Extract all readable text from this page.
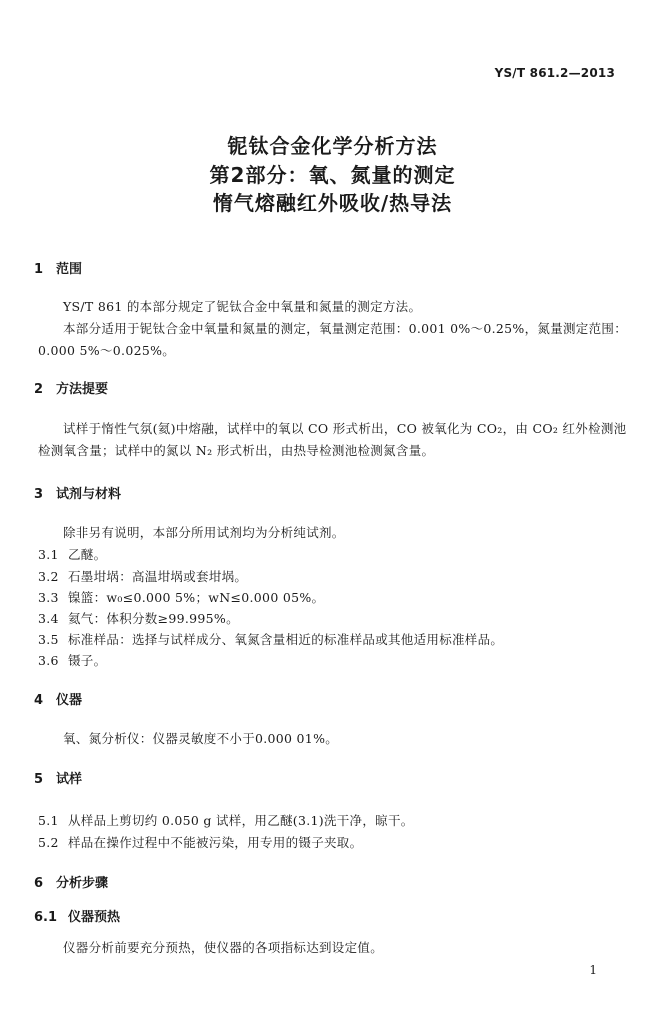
YS/T 861.2—2013
铌钛合金化学分析方法
第2部分：氧、氮量的测定
惰气熔融红外吸收/热导法
1 范围
YS/T 861 的本部分规定了铌钛合金中氧量和氮量的测定方法。
本部分适用于铌钛合金中氧量和氮量的测定，氧量测定范围：0.001 0%～0.25%，氮量测定范围：0.000 5%～0.025%。
2 方法提要
试样于惰性气氛(氦)中熔融，试样中的氧以 CO 形式析出，CO 被氧化为 CO₂，由 CO₂ 红外检测池检测氧含量；试样中的氮以 N₂ 形式析出，由热导检测池检测氮含量。
3 试剂与材料
除非另有说明，本部分所用试剂均为分析纯试剂。
3.1 乙醚。
3.2 石墨坩埚：高温坩埚或套坩埚。
3.3 镍篮：w₀≤0.000 5%；wN≤0.000 05%。
3.4 氦气：体积分数≥99.995%。
3.5 标准样品：选择与试样成分、氧氮含量相近的标准样品或其他适用标准样品。
3.6 镊子。
4 仪器
氧、氮分析仪：仪器灵敏度不小于0.000 01%。
5 试样
5.1 从样品上剪切约 0.050 g 试样，用乙醚(3.1)洗干净，晾干。
5.2 样品在操作过程中不能被污染，用专用的镊子夹取。
6 分析步骤
6.1 仪器预热
仪器分析前要充分预热，使仪器的各项指标达到设定值。
1
